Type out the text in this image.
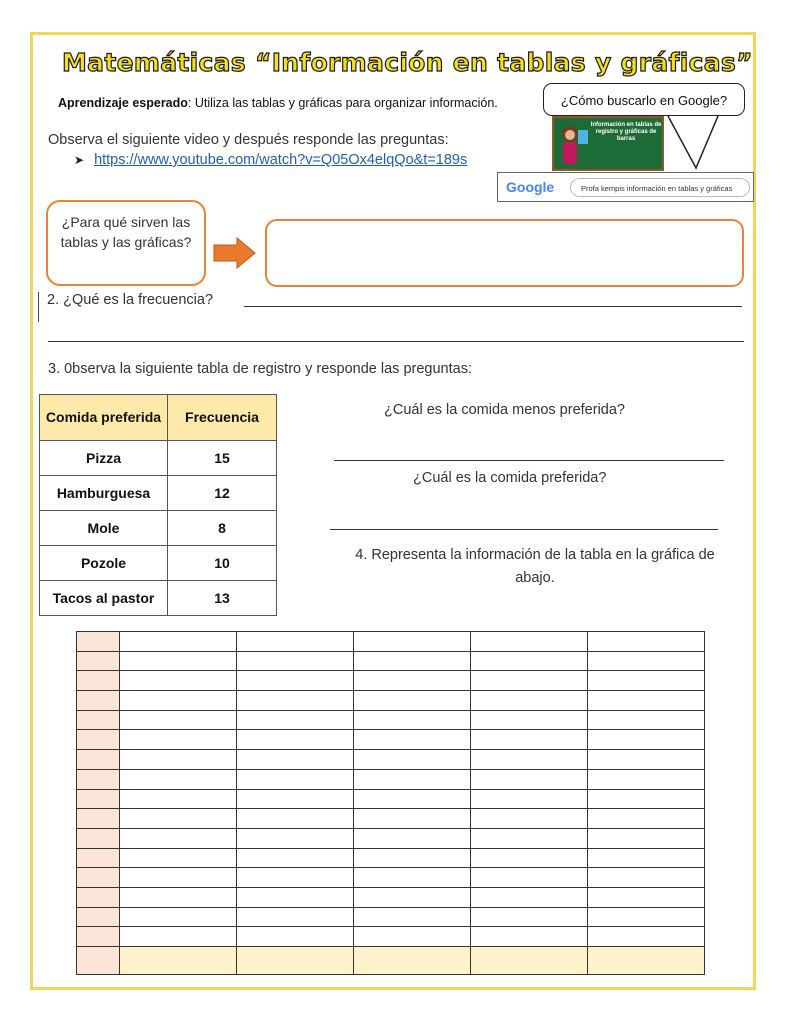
Matemáticas “Información en tablas y gráficas”
Aprendizaje esperado: Utiliza las tablas y gráficas para organizar información.
Observa el siguiente video y después responde las preguntas:
➤ https://www.youtube.com/watch?v=Q05Ox4elqQo&t=189s
¿Cómo buscarlo en Google?
Información en tablas de registro y gráficas de barras
Google	Profa kempis información en tablas y gráficas
¿Para qué sirven las tablas y las gráficas?
2. ¿Qué es la frecuencia?
3. 0bserva la siguiente tabla de registro y responde las preguntas:
Comida preferida	Frecuencia
Pizza	15
Hamburguesa	12
Mole	8
Pozole	10
Tacos al pastor	13
¿Cuál es la comida menos preferida?
¿Cuál es la comida preferida?
4. Representa la información de la tabla en la gráfica de abajo.
